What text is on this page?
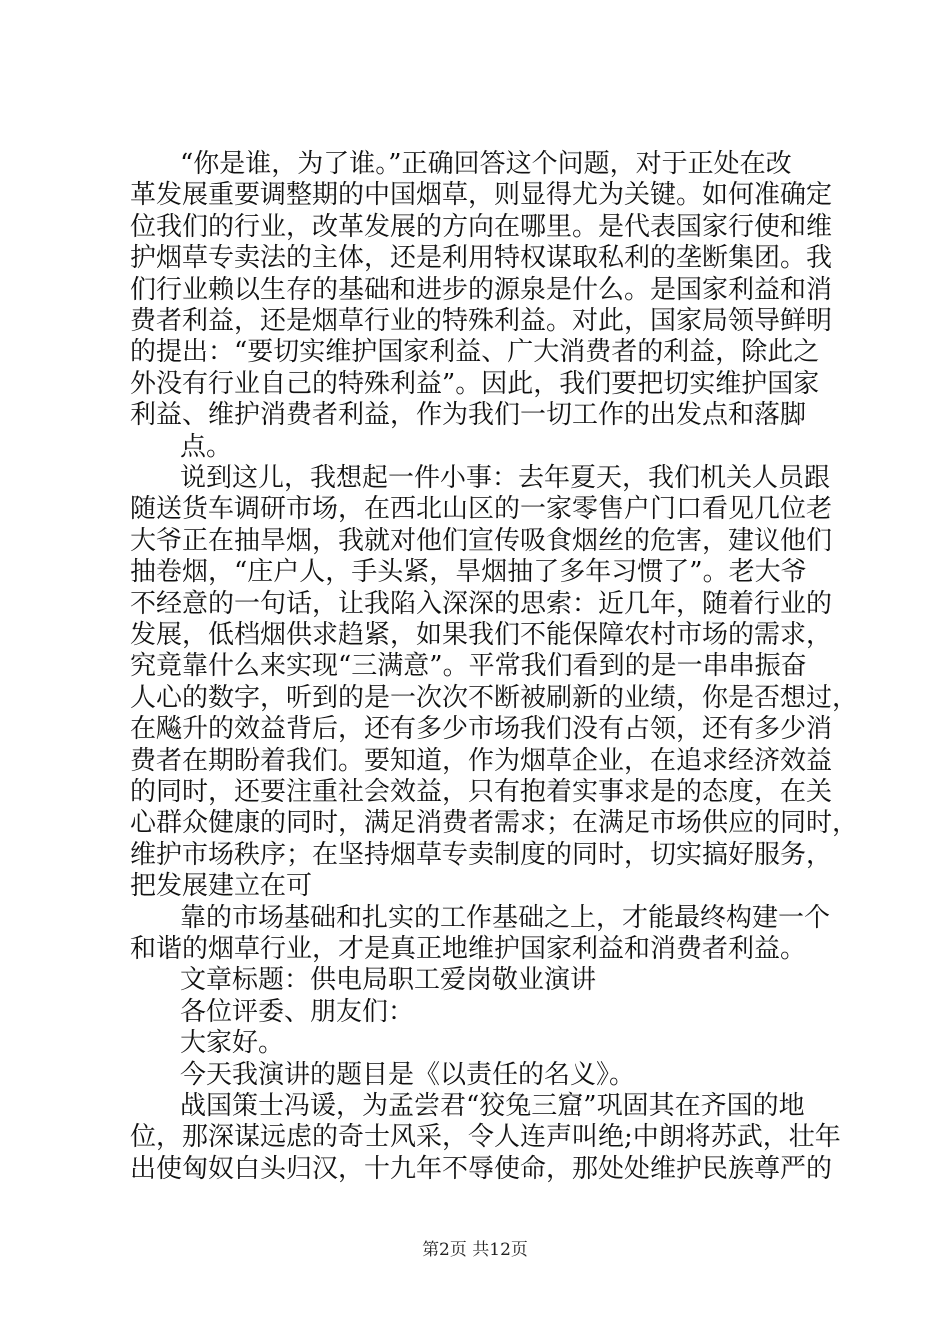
“你是谁，为了谁。”正确回答这个问题，对于正处在改
革发展重要调整期的中国烟草，则显得尤为关键。如何准确定
位我们的行业，改革发展的方向在哪里。是代表国家行使和维
护烟草专卖法的主体，还是利用特权谋取私利的垄断集团。我
们行业赖以生存的基础和进步的源泉是什么。是国家利益和消
费者利益，还是烟草行业的特殊利益。对此，国家局领导鲜明
的提出：“要切实维护国家利益、广大消费者的利益，除此之
外没有行业自己的特殊利益”。因此，我们要把切实维护国家
利益、维护消费者利益，作为我们一切工作的出发点和落脚
点。
说到这儿，我想起一件小事：去年夏天，我们机关人员跟
随送货车调研市场，在西北山区的一家零售户门口看见几位老
大爷正在抽旱烟，我就对他们宣传吸食烟丝的危害，建议他们
抽卷烟，“庄户人，手头紧，旱烟抽了多年习惯了”。老大爷
不经意的一句话，让我陷入深深的思索：近几年，随着行业的
发展，低档烟供求趋紧，如果我们不能保障农村市场的需求，
究竟靠什么来实现“三满意”。平常我们看到的是一串串振奋
人心的数字，听到的是一次次不断被刷新的业绩，你是否想过，
在飚升的效益背后，还有多少市场我们没有占领，还有多少消
费者在期盼着我们。要知道，作为烟草企业，在追求经济效益
的同时，还要注重社会效益，只有抱着实事求是的态度，在关
心群众健康的同时，满足消费者需求；在满足市场供应的同时，
维护市场秩序；在坚持烟草专卖制度的同时，切实搞好服务，
把发展建立在可
靠的市场基础和扎实的工作基础之上，才能最终构建一个
和谐的烟草行业，才是真正地维护国家利益和消费者利益。
文章标题：供电局职工爱岗敬业演讲
各位评委、朋友们：
大家好。
今天我演讲的题目是《以责任的名义》。
战国策士冯谖，为孟尝君“狡兔三窟”巩固其在齐国的地
位，那深谋远虑的奇士风采，令人连声叫绝;中朗将苏武，壮年
出使匈奴白头归汉，十九年不辱使命，那处处维护民族尊严的
第2页 共12页
